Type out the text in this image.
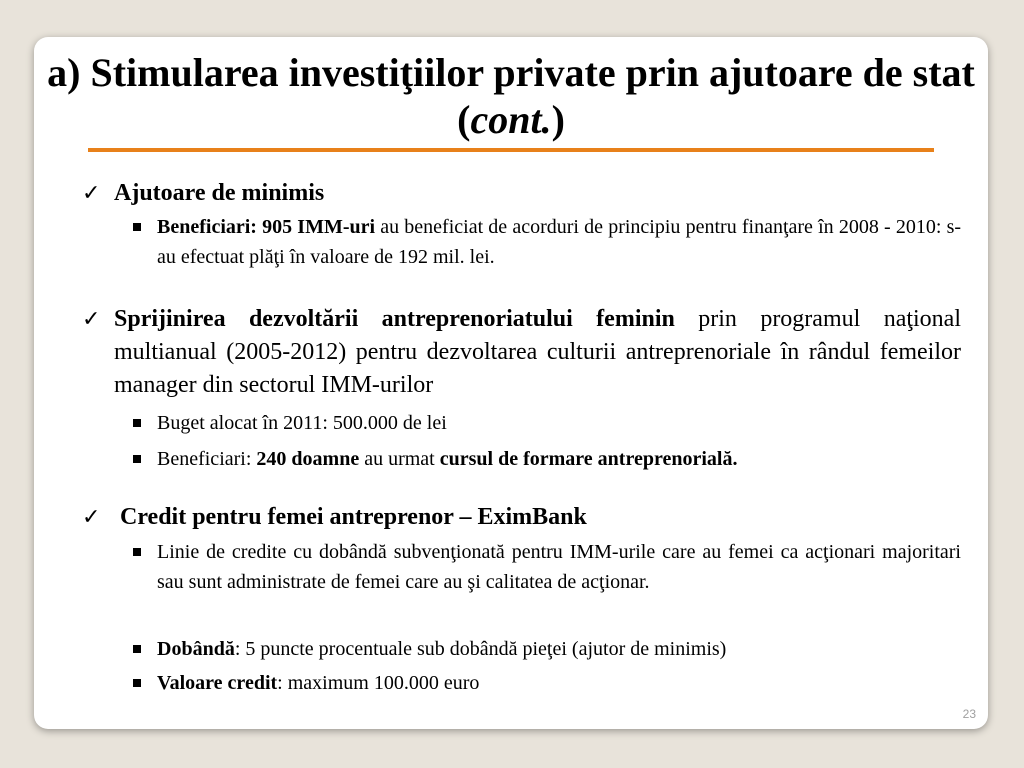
a) Stimularea investiţiilor private prin ajutoare de stat (cont.)
✓ Ajutoare de minimis
Beneficiari: 905 IMM-uri au beneficiat de acorduri de principiu pentru finanţare în 2008 - 2010: s-au efectuat plăţi în valoare de 192 mil. lei.
✓ Sprijinirea dezvoltării antreprenoriatului feminin prin programul naţional multianual (2005-2012) pentru dezvoltarea culturii antreprenoriale în rândul femeilor manager din sectorul IMM-urilor
Buget alocat în 2011: 500.000 de lei
Beneficiari: 240 doamne au urmat cursul de formare antreprenorială.
✓ Credit pentru femei antreprenor – EximBank
Linie de credite cu dobândă subvenţionată pentru IMM-urile care au femei ca acţionari majoritari sau sunt administrate de femei care au şi calitatea de acţionar.
Dobândă: 5 puncte procentuale sub dobândă pieţei (ajutor de minimis)
Valoare credit: maximum 100.000 euro
23
